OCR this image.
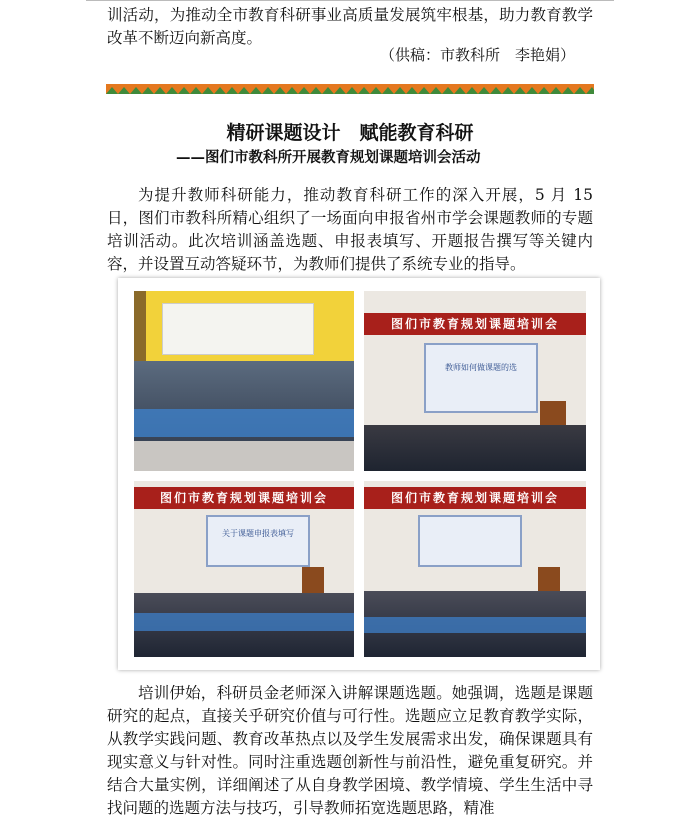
训活动，为推动全市教育科研事业高质量发展筑牢根基，助力教育教学改革不断迈向新高度。

（供稿：市教科所　李艳娟）
精研课题设计　赋能教育科研
——图们市教科所开展教育规划课题培训会活动

为提升教师科研能力，推动教育科研工作的深入开展，5 月 15 日，图们市教科所精心组织了一场面向申报省州市学会课题教师的专题培训活动。此次培训涵盖选题、申报表填写、开题报告撰写等关键内容，并设置互动答疑环节，为教师们提供了系统专业的指导。

图们市教育规划课题培训会
教师如何做课题的选
图们市教育规划课题培训会
关于课题申报表填写
图们市教育规划课题培训会

培训伊始，科研员金老师深入讲解课题选题。她强调，选题是课题研究的起点，直接关乎研究价值与可行性。选题应立足教育教学实际，从教学实践问题、教育改革热点以及学生发展需求出发，确保课题具有现实意义与针对性。同时注重选题创新性与前沿性，避免重复研究。并结合大量实例，详细阐述了从自身教学困境、教学情境、学生生活中寻找问题的选题方法与技巧，引导教师拓宽选题思路，精准
